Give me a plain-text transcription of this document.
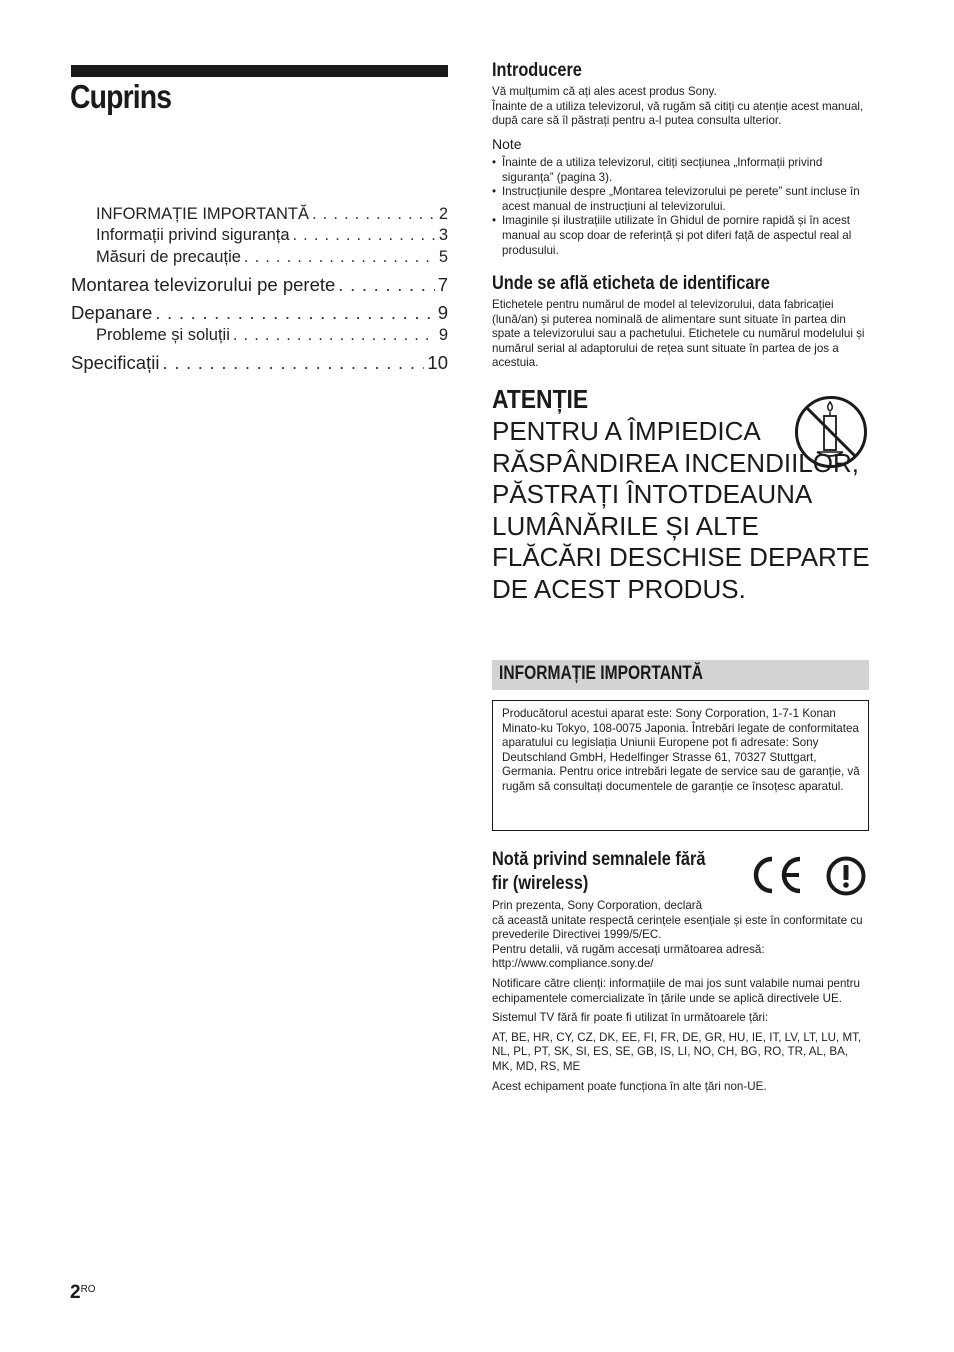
Cuprins
INFORMAȚIE IMPORTANTĂ . . .	2
Informații privind siguranța . . .	3
Măsuri de precauție . . .	5
Montarea televizorului pe perete . . .	7
Depanare . . .	9
Probleme și soluții . . .	9
Specificații . . .	10
Introducere

Vă mulțumim că ați ales acest produs Sony.

Înainte de a utiliza televizorul, vă rugăm să citiți cu atenție acest manual, după care să îl păstrați pentru a-l putea consulta ulterior.

Note
• Înainte de a utiliza televizorul, citiți secțiunea „Informații privind siguranța” (pagina 3).
• Instrucțiunile despre „Montarea televizorului pe perete” sunt incluse în acest manual de instrucțiuni al televizorului.
• Imaginile și ilustrațiile utilizate în Ghidul de pornire rapidă și în acest manual au scop doar de referință și pot diferi față de aspectul real al produsului.
Unde se află eticheta de identificare
Etichetele pentru numărul de model al televizorului, data fabricației (lună/an) și puterea nominală de alimentare sunt situate în partea din spate a televizorului sau a pachetului. Etichetele cu numărul modelului și numărul serial al adaptorului de rețea sunt situate în partea de jos a acestuia.
ATENȚIE
PENTRU A ÎMPIEDICA RĂSPÂNDIREA INCENDIILOR, PĂSTRAȚI ÎNTOTDEAUNA LUMÂNĂRILE ȘI ALTE FLĂCĂRI DESCHISE DEPARTE DE ACEST PRODUS.
INFORMAȚIE IMPORTANTĂ
Producătorul acestui aparat este: Sony Corporation, 1-7-1 Konan Minato-ku Tokyo, 108-0075 Japonia. Întrebări legate de conformitatea aparatului cu legislația Uniunii Europene pot fi adresate: Sony Deutschland GmbH, Hedelfinger Strasse 61, 70327 Stuttgart, Germania. Pentru orice intrebări legate de service sau de garanție, vă rugăm să consultați documentele de garanție ce însoțesc aparatul.
Notă privind semnalele fără
fir (wireless)

Prin prezenta, Sony Corporation, declară

că această unitate respectă cerințele esențiale și este în conformitate cu prevederile Directivei 1999/5/EC.

Pentru detalii, vă rugăm accesați următoarea adresă:

http://www.compliance.sony.de/

Notificare către clienți: informațiile de mai jos sunt valabile numai pentru echipamentele comercializate în țările unde se aplică directivele UE.

Sistemul TV fără fir poate fi utilizat în următoarele țări:

AT, BE, HR, CY, CZ, DK, EE, FI, FR, DE, GR, HU, IE, IT, LV, LT, LU, MT, NL, PL, PT, SK, SI, ES, SE, GB, IS, LI, NO, CH, BG, RO, TR, AL, BA, MK, MD, RS, ME

Acest echipament poate funcționa în alte țări non-UE.

$2^{RO}$
